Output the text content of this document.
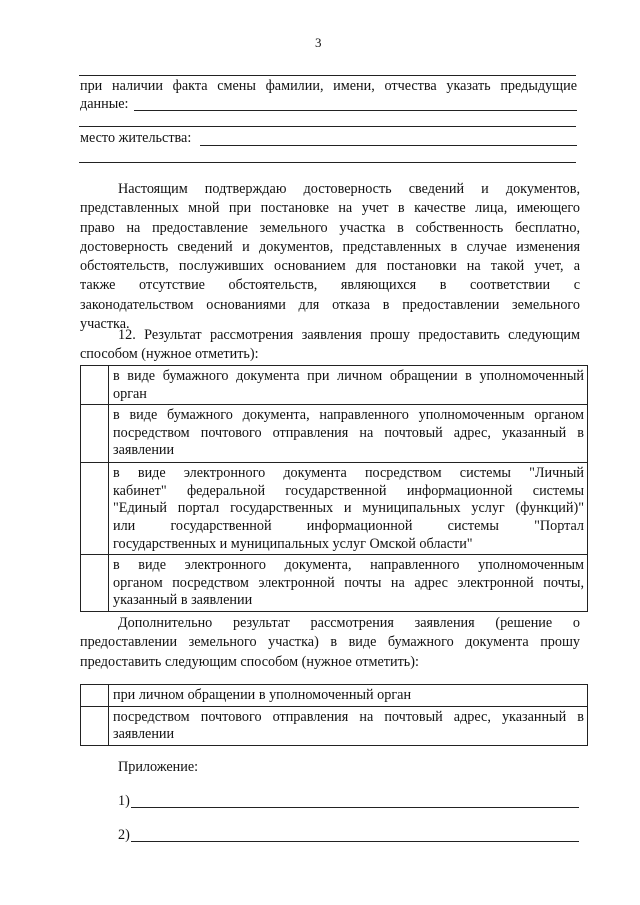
3
при наличии факта смены фамилии, имени, отчества указать предыдущие
данные:
место жительства:
Настоящим подтверждаю достоверность сведений и документов,
представленных мной при постановке на учет в качестве лица, имеющего
право на предоставление земельного участка в собственность бесплатно,
достоверность сведений и документов, представленных в случае изменения
обстоятельств, послуживших основанием для постановки на такой учет, а
также отсутствие обстоятельств, являющихся в соответствии с
законодательством основаниями для отказа в предоставлении земельного
участка.
12. Результат рассмотрения заявления прошу предоставить следующим
способом (нужное отметить):

	в виде бумажного документа при личном обращении в уполномоченный
орган

	в виде бумажного документа, направленного уполномоченным органом
посредством почтового отправления на почтовый адрес, указанный в
заявлении

	в виде электронного документа посредством системы "Личный
кабинет" федеральной государственной информационной системы
"Единый портал государственных и муниципальных услуг (функций)"
или государственной информационной системы "Портал
государственных и муниципальных услуг Омской области"

	в виде электронного документа, направленного уполномоченным
органом посредством электронной почты на адрес электронной почты,
указанный в заявлении
Дополнительно результат рассмотрения заявления (решение о
предоставлении земельного участка) в виде бумажного документа прошу
предоставить следующим способом (нужное отметить):

	при личном обращении в уполномоченный орган

	посредством почтового отправления на почтовый адрес, указанный в
заявлении
Приложение:
1)
2)
